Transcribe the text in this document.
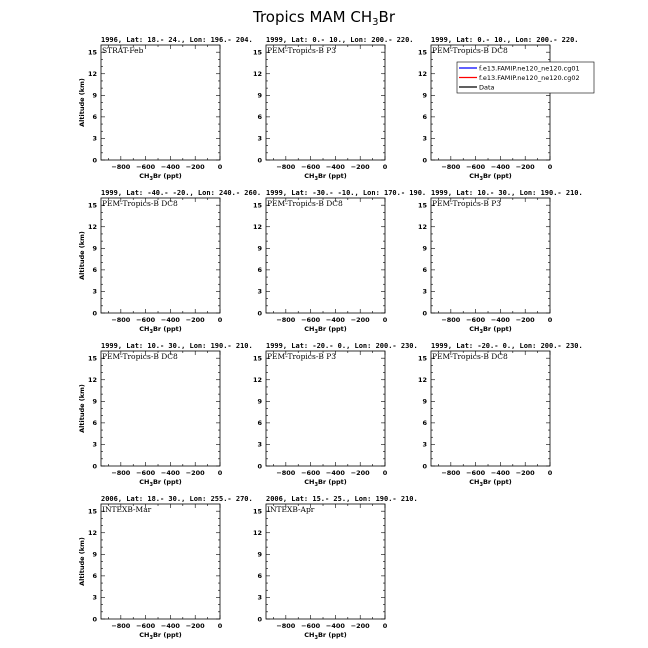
Tropics MAM $CH_3Br$
1996, Lat: 18.- 24., Lon: 196.- 204.
STRAT-Feb
−800 −600 −400 −200 0
0
3
6
9
12
15
$CH_3Br$ (ppt)
Altitude (km)
1999, Lat: 0.- 10., Lon: 200.- 220.
PEM-Tropics-B P3
−800 −600 −400 −200 0
0
3
6
9
12
15
$CH_3Br$ (ppt)
1999, Lat: 0.- 10., Lon: 200.- 220.
PEM-Tropics-B DC8
−800 −600 −400 −200 0
0
3
6
9
12
15
$CH_3Br$ (ppt)
1999, Lat: -40.- -20., Lon: 240.- 260.
PEM-Tropics-B DC8
−800 −600 −400 −200 0
0
3
6
9
12
15
$CH_3Br$ (ppt)
Altitude (km)
1999, Lat: -30.- -10., Lon: 170.- 190.
PEM-Tropics-B DC8
−800 −600 −400 −200 0
0
3
6
9
12
15
$CH_3Br$ (ppt)
1999, Lat: 10.- 30., Lon: 190.- 210.
PEM-Tropics-B P3
−800 −600 −400 −200 0
0
3
6
9
12
15
$CH_3Br$ (ppt)
1999, Lat: 10.- 30., Lon: 190.- 210.
PEM-Tropics-B DC8
−800 −600 −400 −200 0
0
3
6
9
12
15
$CH_3Br$ (ppt)
Altitude (km)
1999, Lat: -20.- 0., Lon: 200.- 230.
PEM-Tropics-B P3
−800 −600 −400 −200 0
0
3
6
9
12
15
$CH_3Br$ (ppt)
1999, Lat: -20.- 0., Lon: 200.- 230.
PEM-Tropics-B DC8
−800 −600 −400 −200 0
0
3
6
9
12
15
$CH_3Br$ (ppt)
2006, Lat: 18.- 30., Lon: 255.- 270.
INTEXB-Mar
−800 −600 −400 −200 0
0
3
6
9
12
15
$CH_3Br$ (ppt)
Altitude (km)
2006, Lat: 15.- 25., Lon: 190.- 210.
INTEXB-Apr
−800 −600 −400 −200 0
0
3
6
9
12
15
$CH_3Br$ (ppt)
f.e13.FAMIP.ne120_ne120.cg01
f.e13.FAMIP.ne120_ne120.cg02
Data
